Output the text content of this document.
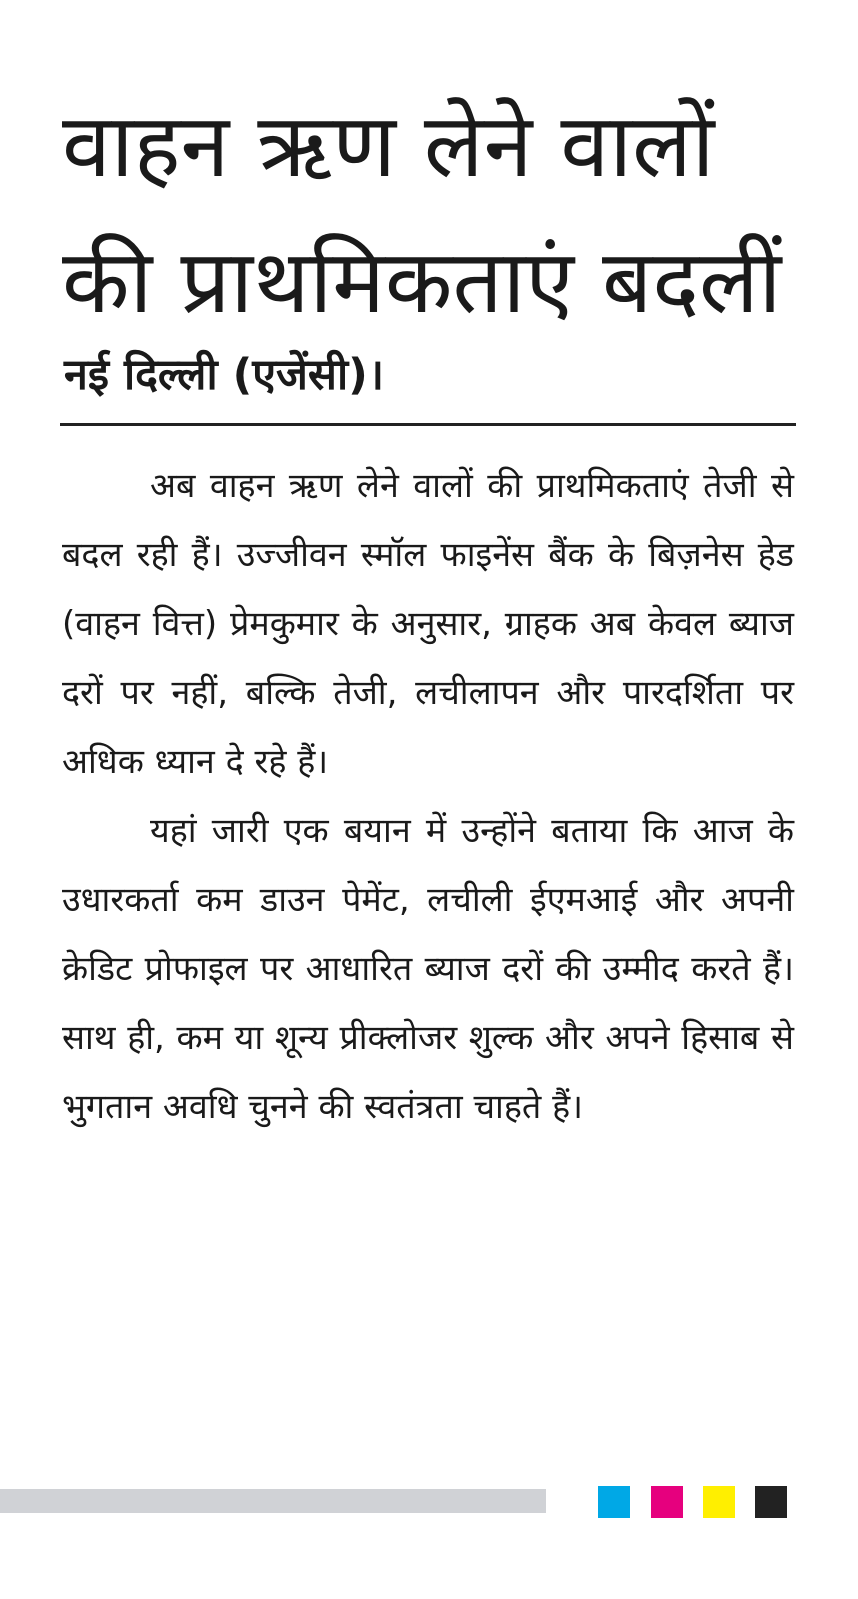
वाहन ऋण लेने वालों
की प्राथमिकताएं बदलीं
नई दिल्ली (एजेंसी)।

अब वाहन ऋण लेने वालों की प्राथमिकताएं तेजी से बदल रही हैं। उज्जीवन स्मॉल फाइनेंस बैंक के बिज़नेस हेड (वाहन वित्त) प्रेमकुमार के अनुसार, ग्राहक अब केवल ब्याज दरों पर नहीं, बल्कि तेजी, लचीलापन और पारदर्शिता पर अधिक ध्यान दे रहे हैं।

यहां जारी एक बयान में उन्होंने बताया कि आज के उधारकर्ता कम डाउन पेमेंट, लचीली ईएमआई और अपनी क्रेडिट प्रोफाइल पर आधारित ब्याज दरों की उम्मीद करते हैं। साथ ही, कम या शून्य प्रीक्लोजर शुल्क और अपने हिसाब से भुगतान अवधि चुनने की स्वतंत्रता चाहते हैं।
